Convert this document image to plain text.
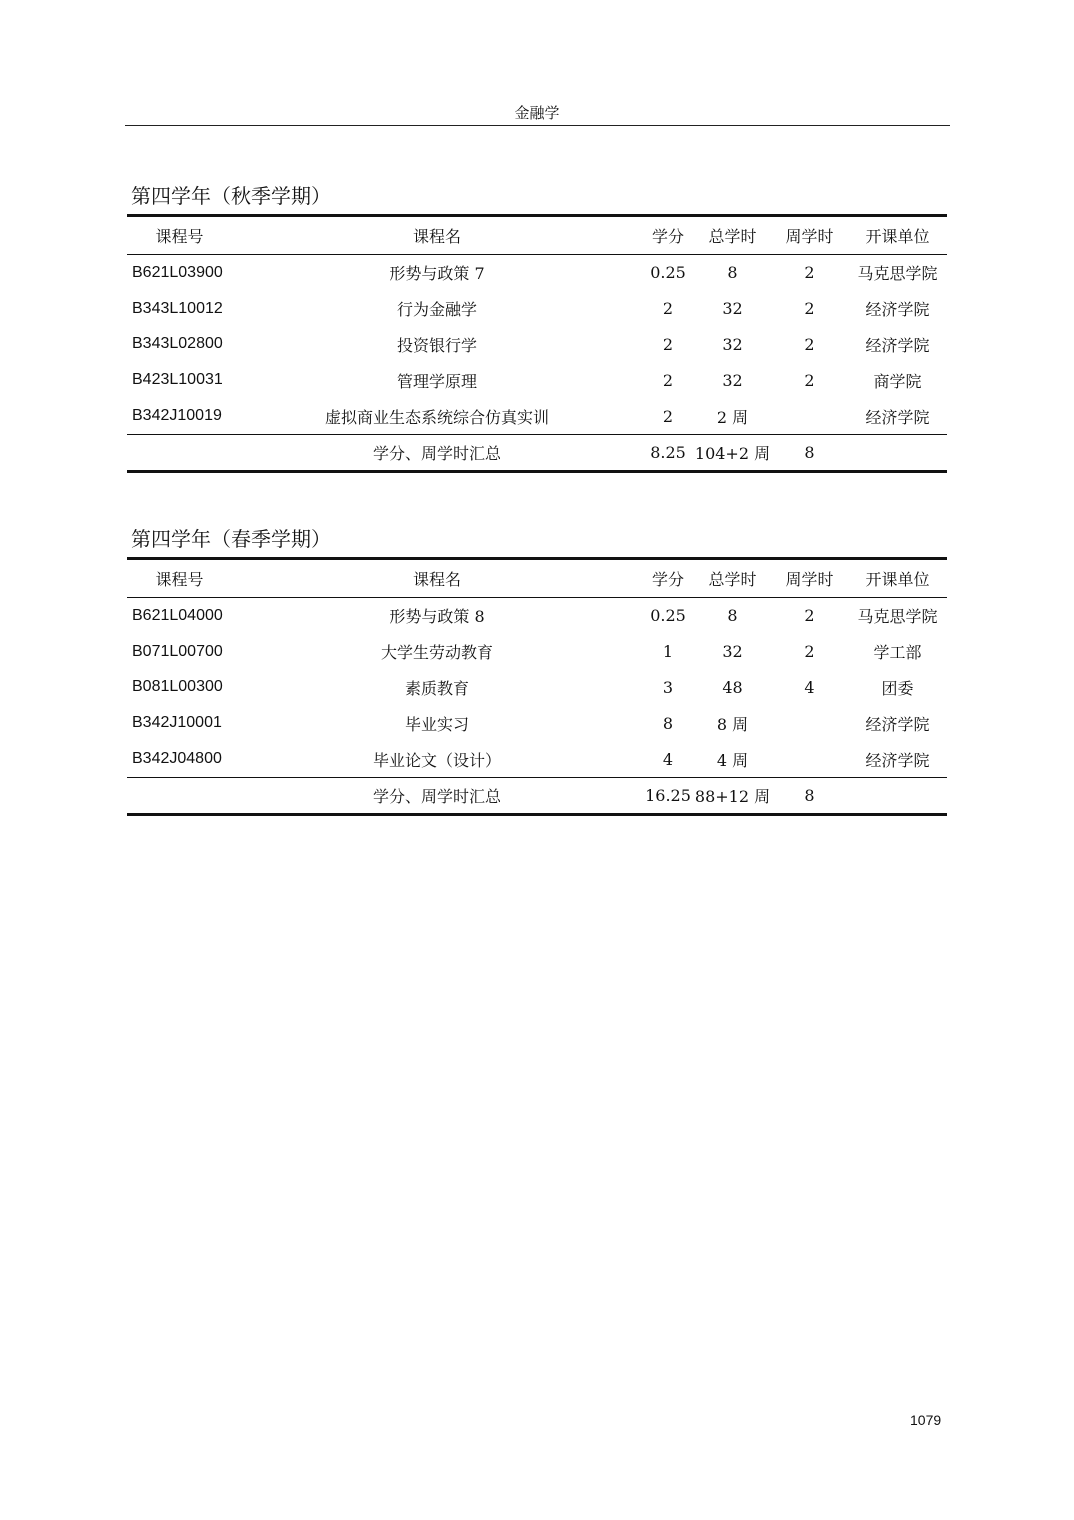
金融学
第四学年（秋季学期）
课程号	课程名	学分	总学时	周学时	开课单位
B621L03900	形势与政策 7	0.25	8	2	马克思学院
B343L10012	行为金融学	2	32	2	经济学院
B343L02800	投资银行学	2	32	2	经济学院
B423L10031	管理学原理	2	32	2	商学院
B342J10019	虚拟商业生态系统综合仿真实训	2	2 周		经济学院
	学分、周学时汇总	8.25	104+2 周	8	
第四学年（春季学期）
课程号	课程名	学分	总学时	周学时	开课单位
B621L04000	形势与政策 8	0.25	8	2	马克思学院
B071L00700	大学生劳动教育	1	32	2	学工部
B081L00300	素质教育	3	48	4	团委
B342J10001	毕业实习	8	8 周		经济学院
B342J04800	毕业论文（设计）	4	4 周		经济学院
	学分、周学时汇总	16.25	88+12 周	8	
1079
